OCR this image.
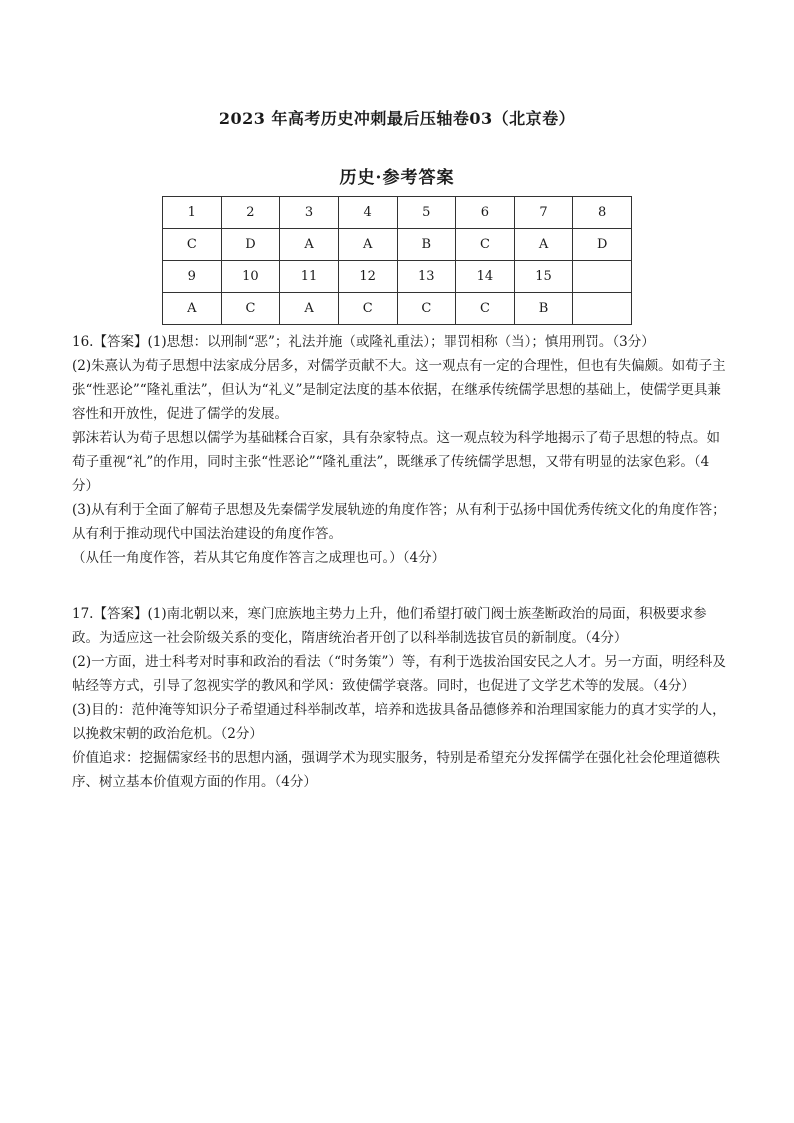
2023 年高考历史冲刺最后压轴卷03（北京卷）
历史·参考答案
1	2	3	4	5	6	7	8
C	D	A	A	B	C	A	D
9	10	11	12	13	14	15	
A	C	A	C	C	C	B	

16.【答案】(1)思想：以刑制“恶”；礼法并施（或隆礼重法）；罪罚相称（当）；慎用刑罚。（3分）

(2)朱熹认为荀子思想中法家成分居多，对儒学贡献不大。这一观点有一定的合理性，但也有失偏颇。如荀子主张“性恶论”“隆礼重法”，但认为“礼义”是制定法度的基本依据，在继承传统儒学思想的基础上，使儒学更具兼容性和开放性，促进了儒学的发展。

郭沫若认为荀子思想以儒学为基础糅合百家，具有杂家特点。这一观点较为科学地揭示了荀子思想的特点。如荀子重视“礼”的作用，同时主张“性恶论”“隆礼重法”，既继承了传统儒学思想，又带有明显的法家色彩。（4分）

(3)从有利于全面了解荀子思想及先秦儒学发展轨迹的角度作答；从有利于弘扬中国优秀传统文化的角度作答；从有利于推动现代中国法治建设的角度作答。

（从任一角度作答，若从其它角度作答言之成理也可。）（4分）

17.【答案】(1)南北朝以来，寒门庶族地主势力上升，他们希望打破门阀士族垄断政治的局面，积极要求参政。为适应这一社会阶级关系的变化，隋唐统治者开创了以科举制选拔官员的新制度。（4分）

(2)一方面，进士科考对时事和政治的看法（“时务策”）等，有利于选拔治国安民之人才。另一方面，明经科及帖经等方式，引导了忽视实学的教风和学风：致使儒学衰落。同时，也促进了文学艺术等的发展。（4分）

(3)目的：范仲淹等知识分子希望通过科举制改革，培养和选拔具备品德修养和治理国家能力的真才实学的人，以挽救宋朝的政治危机。（2分）

价值追求：挖掘儒家经书的思想内涵，强调学术为现实服务，特别是希望充分发挥儒学在强化社会伦理道德秩序、树立基本价值观方面的作用。（4分）
